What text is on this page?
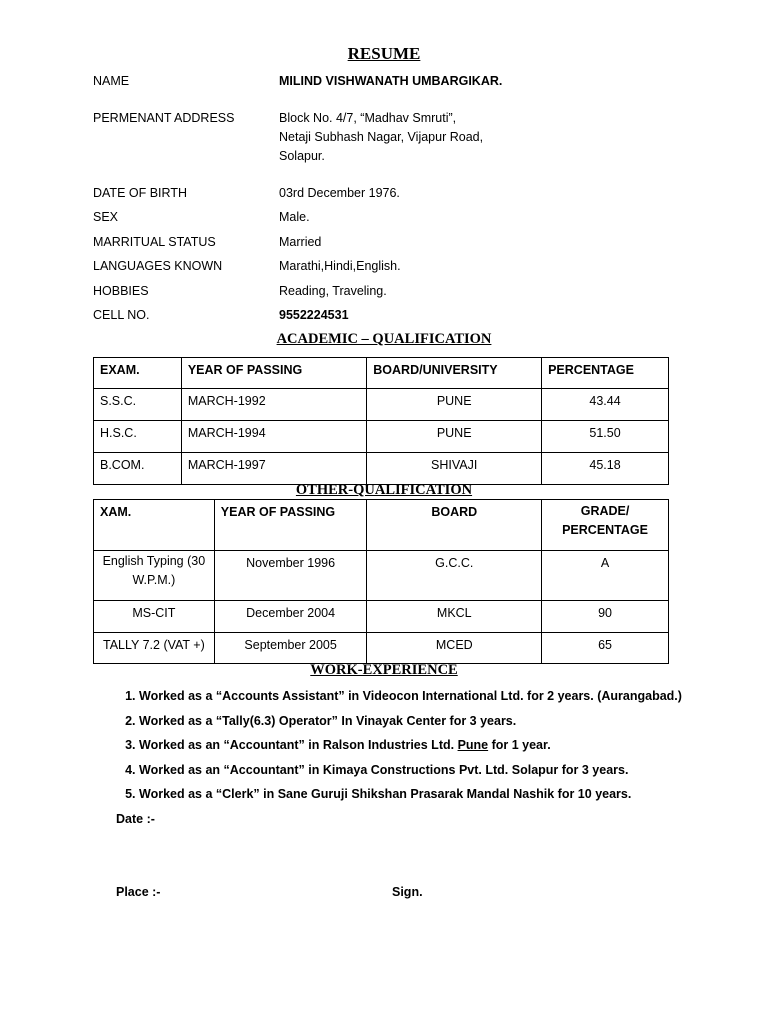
RESUME
NAME	MILIND VISHWANATH UMBARGIKAR.
PERMENANT ADDRESS	Block No. 4/7, “Madhav Smruti”,
Netaji Subhash Nagar, Vijapur Road,
Solapur.
DATE OF BIRTH	03rd December 1976.
SEX	Male.
MARRITUAL STATUS	Married
LANGUAGES KNOWN	Marathi,Hindi,English.
HOBBIES	Reading, Traveling.
CELL NO.	9552224531
ACADEMIC – QUALIFICATION
EXAM.	YEAR OF PASSING	BOARD/UNIVERSITY	PERCENTAGE
S.S.C.	MARCH-1992	PUNE	43.44
H.S.C.	MARCH-1994	PUNE	51.50
B.COM.	MARCH-1997	SHIVAJI	45.18
OTHER-QUALIFICATION
XAM.	YEAR OF PASSING	BOARD	GRADE/ PERCENTAGE
English Typing (30 W.P.M.)	November 1996	G.C.C.	A
MS-CIT	December 2004	MKCL	90
TALLY 7.2 (VAT +)	September 2005	MCED	65
WORK-EXPERIENCE
1. Worked as a “Accounts Assistant” in Videocon International Ltd. for 2 years. (Aurangabad.)
2. Worked as a “Tally(6.3) Operator” In Vinayak Center for 3 years.
3. Worked as an “Accountant” in Ralson Industries Ltd. Pune for 1 year.
4. Worked as an “Accountant” in Kimaya Constructions Pvt. Ltd. Solapur for 3 years.
5. Worked as a “Clerk” in Sane Guruji Shikshan Prasarak Mandal Nashik for 10 years.
Date :-
Place :-	Sign.
